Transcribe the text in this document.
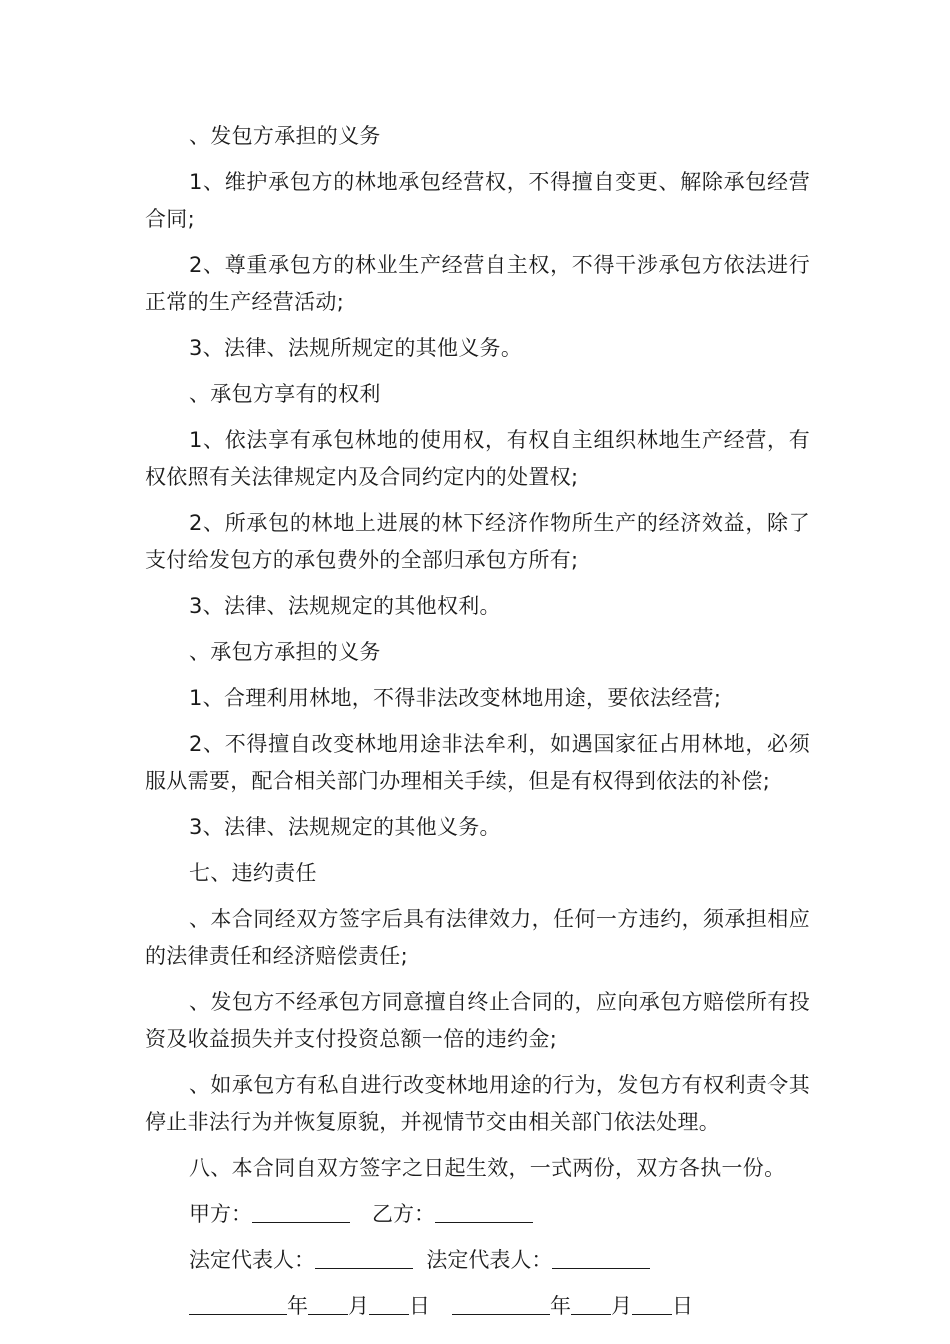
、发包方承担的义务

1、维护承包方的林地承包经营权，不得擅自变更、解除承包经营合同;

2、尊重承包方的林业生产经营自主权，不得干涉承包方依法进行正常的生产经营活动;

3、法律、法规所规定的其他义务。

、承包方享有的权利

1、依法享有承包林地的使用权，有权自主组织林地生产经营，有权依照有关法律规定内及合同约定内的处置权;

2、所承包的林地上进展的林下经济作物所生产的经济效益，除了支付给发包方的承包费外的全部归承包方所有;

3、法律、法规规定的其他权利。

、承包方承担的义务

1、合理利用林地，不得非法改变林地用途，要依法经营;

2、不得擅自改变林地用途非法牟利，如遇国家征占用林地，必须服从需要，配合相关部门办理相关手续，但是有权得到依法的补偿;

3、法律、法规规定的其他义务。

七、违约责任

、本合同经双方签字后具有法律效力，任何一方违约，须承担相应的法律责任和经济赔偿责任;

、发包方不经承包方同意擅自终止合同的，应向承包方赔偿所有投资及收益损失并支付投资总额一倍的违约金;

、如承包方有私自进行改变林地用途的行为，发包方有权利责令其停止非法行为并恢复原貌，并视情节交由相关部门依法处理。

八、本合同自双方签字之日起生效，一式两份，双方各执一份。

甲方：	乙方：
法定代表人：	法定代表人：
年 月 日	年 月 日
